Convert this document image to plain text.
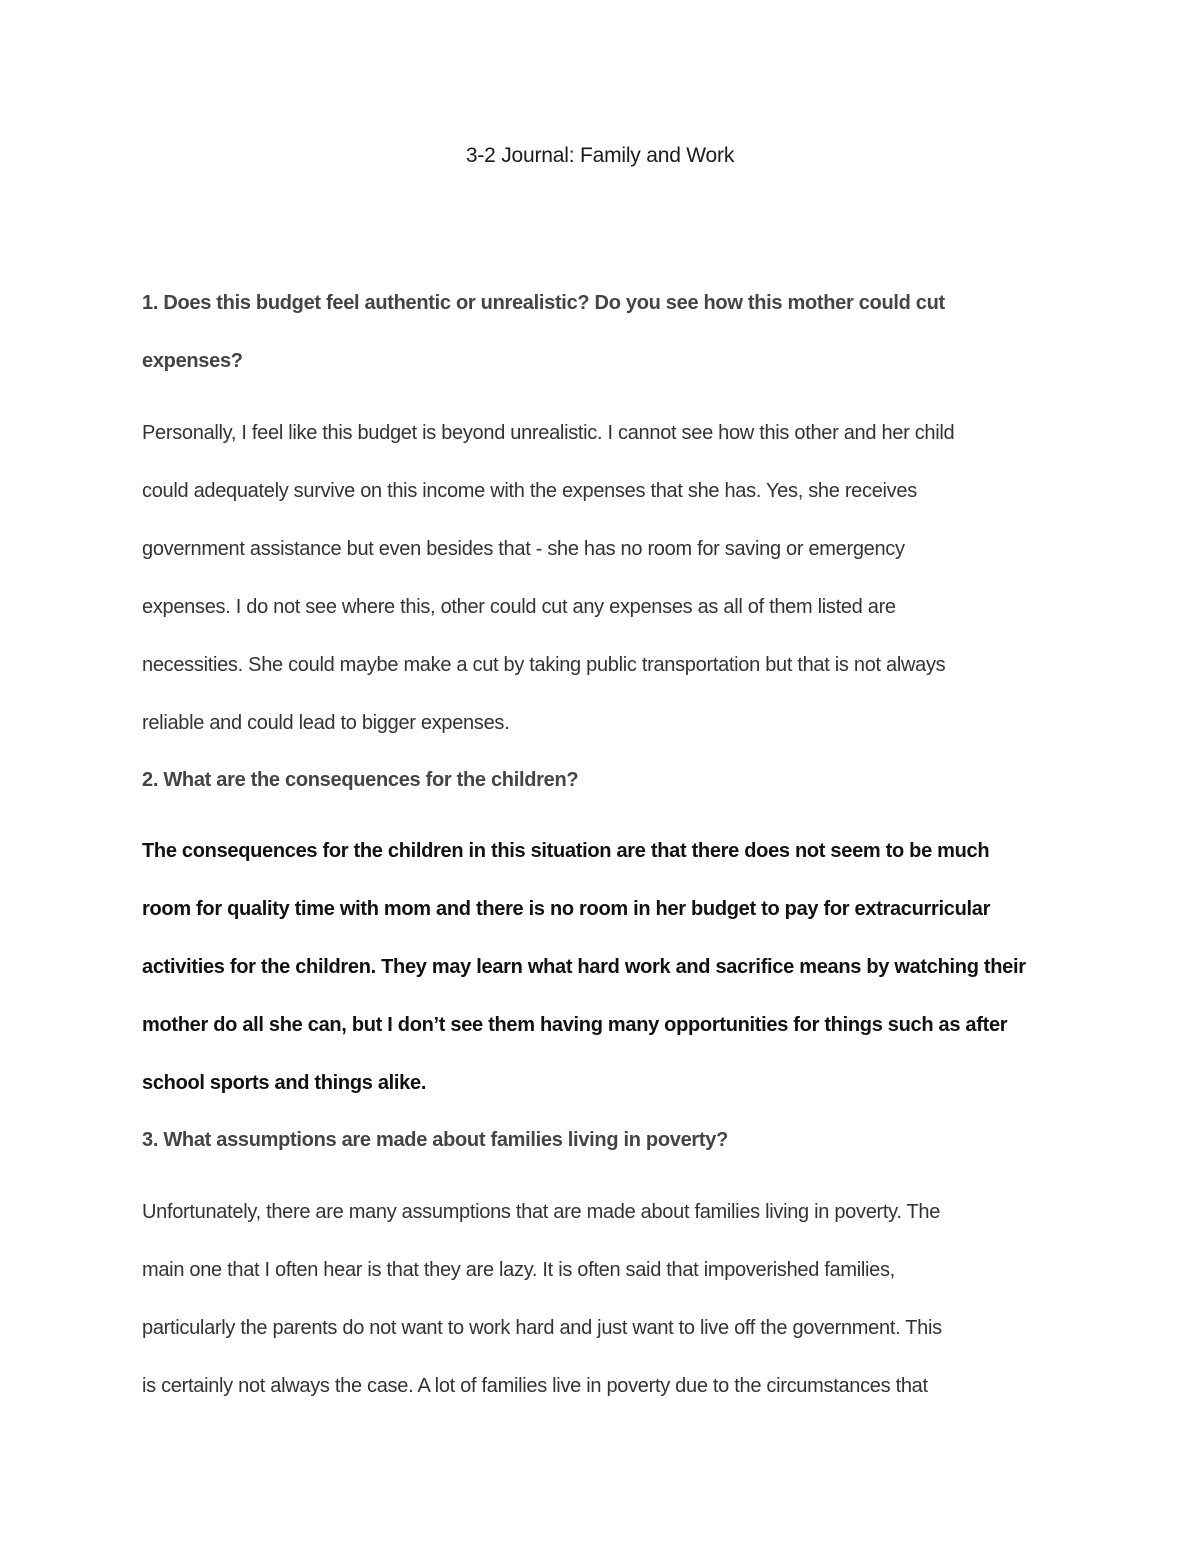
3-2 Journal: Family and Work
1. Does this budget feel authentic or unrealistic? Do you see how this mother could cut
expenses?
Personally, I feel like this budget is beyond unrealistic. I cannot see how this other and her child
could adequately survive on this income with the expenses that she has. Yes, she receives
government assistance but even besides that - she has no room for saving or emergency
expenses. I do not see where this, other could cut any expenses as all of them listed are
necessities. She could maybe make a cut by taking public transportation but that is not always
reliable and could lead to bigger expenses.
2. What are the consequences for the children?
The consequences for the children in this situation are that there does not seem to be much
room for quality time with mom and there is no room in her budget to pay for extracurricular
activities for the children. They may learn what hard work and sacrifice means by watching their
mother do all she can, but I don’t see them having many opportunities for things such as after
school sports and things alike.
3. What assumptions are made about families living in poverty?
Unfortunately, there are many assumptions that are made about families living in poverty. The
main one that I often hear is that they are lazy. It is often said that impoverished families,
particularly the parents do not want to work hard and just want to live off the government. This
is certainly not always the case. A lot of families live in poverty due to the circumstances that
